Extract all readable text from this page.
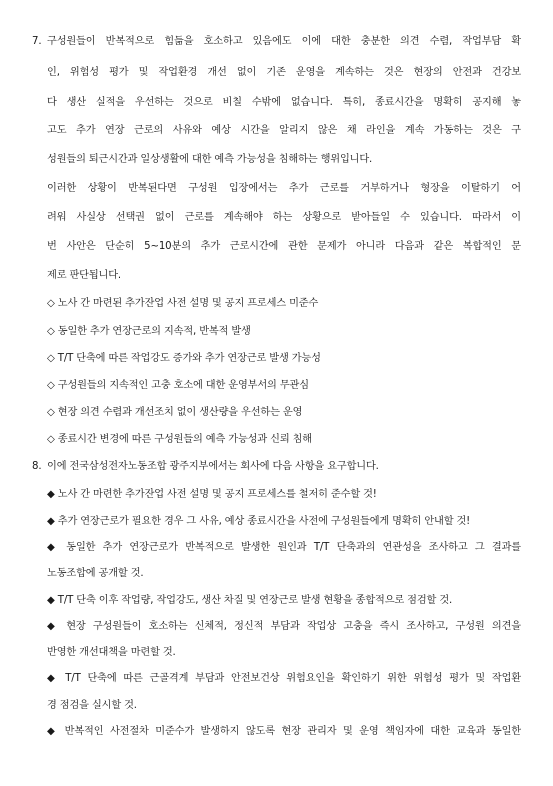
7. 구성원들이 반복적으로 힘듦을 호소하고 있음에도 이에 대한 충분한 의견 수렴, 작업부담 확
인, 위험성 평가 및 작업환경 개선 없이 기존 운영을 계속하는 것은 현장의 안전과 건강보
다 생산 실적을 우선하는 것으로 비칠 수밖에 없습니다. 특히, 종료시간을 명확히 공지해 놓
고도 추가 연장 근로의 사유와 예상 시간을 알리지 않은 채 라인을 계속 가동하는 것은 구
성원들의 퇴근시간과 일상생활에 대한 예측 가능성을 침해하는 행위입니다.
이러한 상황이 반복된다면 구성원 입장에서는 추가 근로를 거부하거나 형장을 이탈하기 어
려워 사실상 선택권 없이 근로를 계속해야 하는 상황으로 받아들일 수 있습니다. 따라서 이
번 사안은 단순히 5~10분의 추가 근로시간에 관한 문제가 아니라 다음과 같은 복합적인 문
제로 판단됩니다.
◇ 노사 간 마련된 추가잔업 사전 설명 및 공지 프로세스 미준수
◇ 동일한 추가 연장근로의 지속적, 반복적 발생
◇ T/T 단축에 따른 작업강도 증가와 추가 연장근로 발생 가능성
◇ 구성원들의 지속적인 고충 호소에 대한 운영부서의 무관심
◇ 현장 의견 수렴과 개선조치 없이 생산량을 우선하는 운영
◇ 종료시간 변경에 따른 구성원들의 예측 가능성과 신뢰 침해
8. 이에 전국삼성전자노동조합 광주지부에서는 회사에 다음 사항을 요구합니다.
◆ 노사 간 마련한 추가잔업 사전 설명 및 공지 프로세스를 철저히 준수할 것!
◆ 추가 연장근로가 필요한 경우 그 사유, 예상 종료시간을 사전에 구성원들에게 명확히 안내할 것!
◆ 동일한 추가 연장근로가 반복적으로 발생한 원인과 T/T 단축과의 연관성을 조사하고 그 결과를
노동조합에 공개할 것.
◆ T/T 단축 이후 작업량, 작업강도, 생산 차질 및 연장근로 발생 현황을 종합적으로 점검할 것.
◆ 현장 구성원들이 호소하는 신체적, 정신적 부담과 작업상 고충을 즉시 조사하고, 구성원 의견을
반영한 개선대책을 마련할 것.
◆ T/T 단축에 따른 근골격계 부담과 안전보건상 위험요인을 확인하기 위한 위험성 평가 및 작업환
경 점검을 실시할 것.
◆ 반복적인 사전절차 미준수가 발생하지 않도록 현장 관리자 및 운영 책임자에 대한 교육과 동일한
